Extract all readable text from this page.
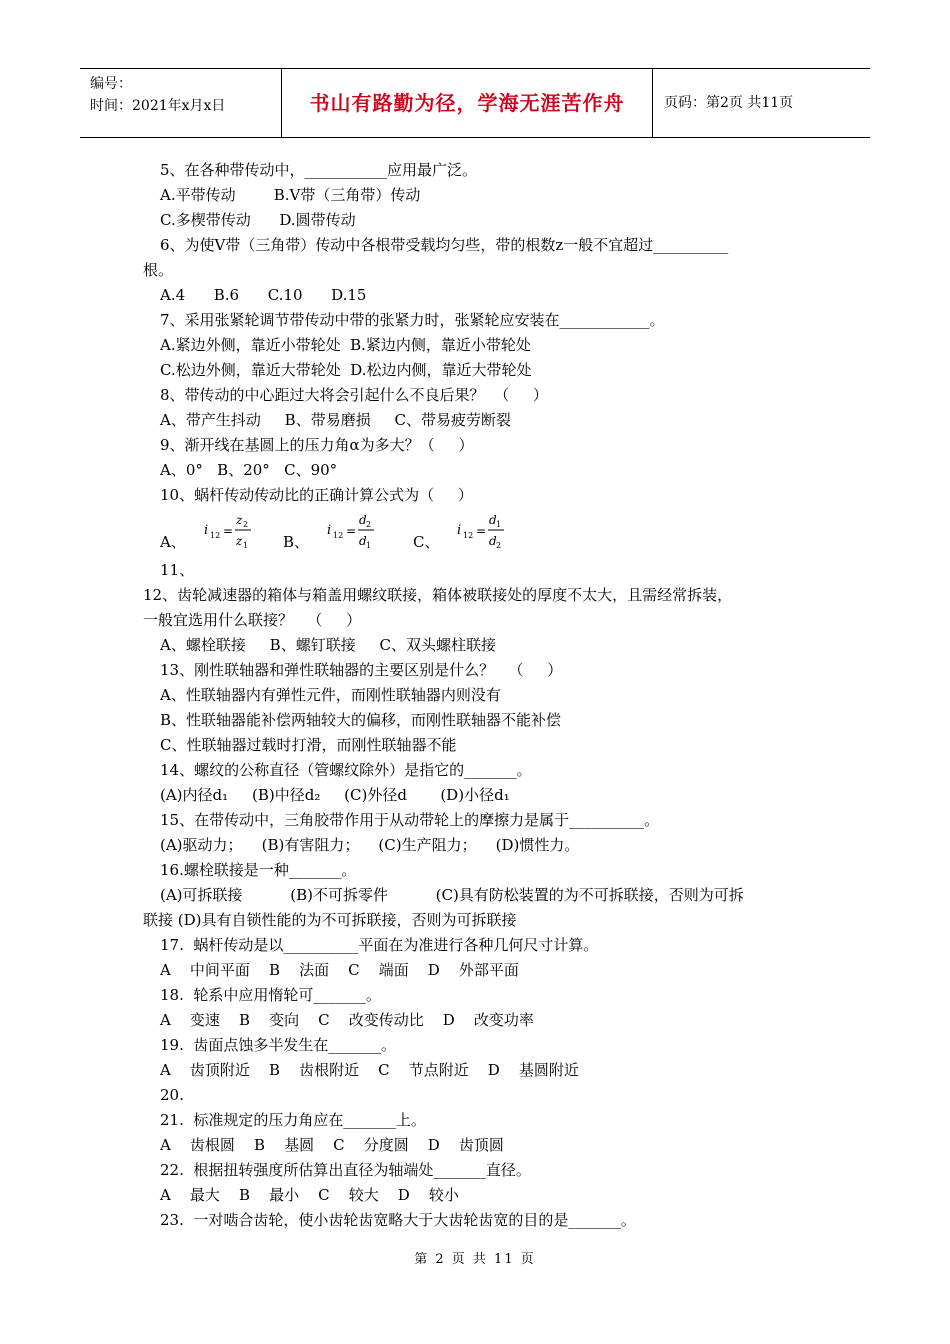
编号：
时间：2021年x月x日	书山有路勤为径，学海无涯苦作舟	页码：第2页 共11页
5、在各种带传动中，___________应用最广泛。
A.平带传动        B.V带（三角带）传动
C.多楔带传动      D.圆带传动
6、为使V带（三角带）传动中各根带受载均匀些，带的根数z一般不宜超过__________
根。
A.4      B.6      C.10      D.15
7、采用张紧轮调节带传动中带的张紧力时，张紧轮应安装在____________。
A.紧边外侧，靠近小带轮处  B.紧边内侧，靠近小带轮处
C.松边外侧，靠近大带轮处  D.松边内侧，靠近大带轮处
8、带传动的中心距过大将会引起什么不良后果？  （     ）
A、带产生抖动     B、带易磨损     C、带易疲劳断裂
9、渐开线在基圆上的压力角α为多大？（     ）
A、0°   B、20°   C、90°
10、蜗杆传动传动比的正确计算公式为（     ）
A、
i 12 =
z 2
z 1 B、
i 12 =
d 2
d 1	C、
i 12 =
d 1
d 2
11、
12、齿轮减速器的箱体与箱盖用螺纹联接，箱体被联接处的厚度不太大，且需经常拆装，
一般宜选用什么联接？   （     ）
A、螺栓联接     B、螺钉联接     C、双头螺柱联接
13、刚性联轴器和弹性联轴器的主要区别是什么？   （     ）
A、性联轴器内有弹性元件，而刚性联轴器内则没有
B、性联轴器能补偿两轴较大的偏移，而刚性联轴器不能补偿
C、性联轴器过载时打滑，而刚性联轴器不能
14、螺纹的公称直径（管螺纹除外）是指它的_______。
(A)内径d₁     (B)中径d₂     (C)外径d       (D)小径d₁
15、在带传动中，三角胶带作用于从动带轮上的摩擦力是属于__________。
(A)驱动力；    (B)有害阻力；    (C)生产阻力；    (D)惯性力。
16.螺栓联接是一种_______。
(A)可拆联接          (B)不可拆零件          (C)具有防松装置的为不可拆联接，否则为可拆
联接 (D)具有自锁性能的为不可拆联接，否则为可拆联接
17.  蜗杆传动是以__________平面在为准进行各种几何尺寸计算。
A    中间平面    B    法面    C    端面    D    外部平面
18.  轮系中应用惰轮可_______。
A    变速    B    变向    C    改变传动比    D    改变功率
19.  齿面点蚀多半发生在_______。
A    齿顶附近    B    齿根附近    C    节点附近    D    基圆附近
20.
21.  标准规定的压力角应在_______上。
A    齿根圆    B    基圆    C    分度圆    D    齿顶圆
22.  根据扭转强度所估算出直径为轴端处_______直径。
A    最大    B    最小    C    较大    D    较小
23.  一对啮合齿轮，使小齿轮齿宽略大于大齿轮齿宽的目的是_______。
第 2 页 共 11 页
